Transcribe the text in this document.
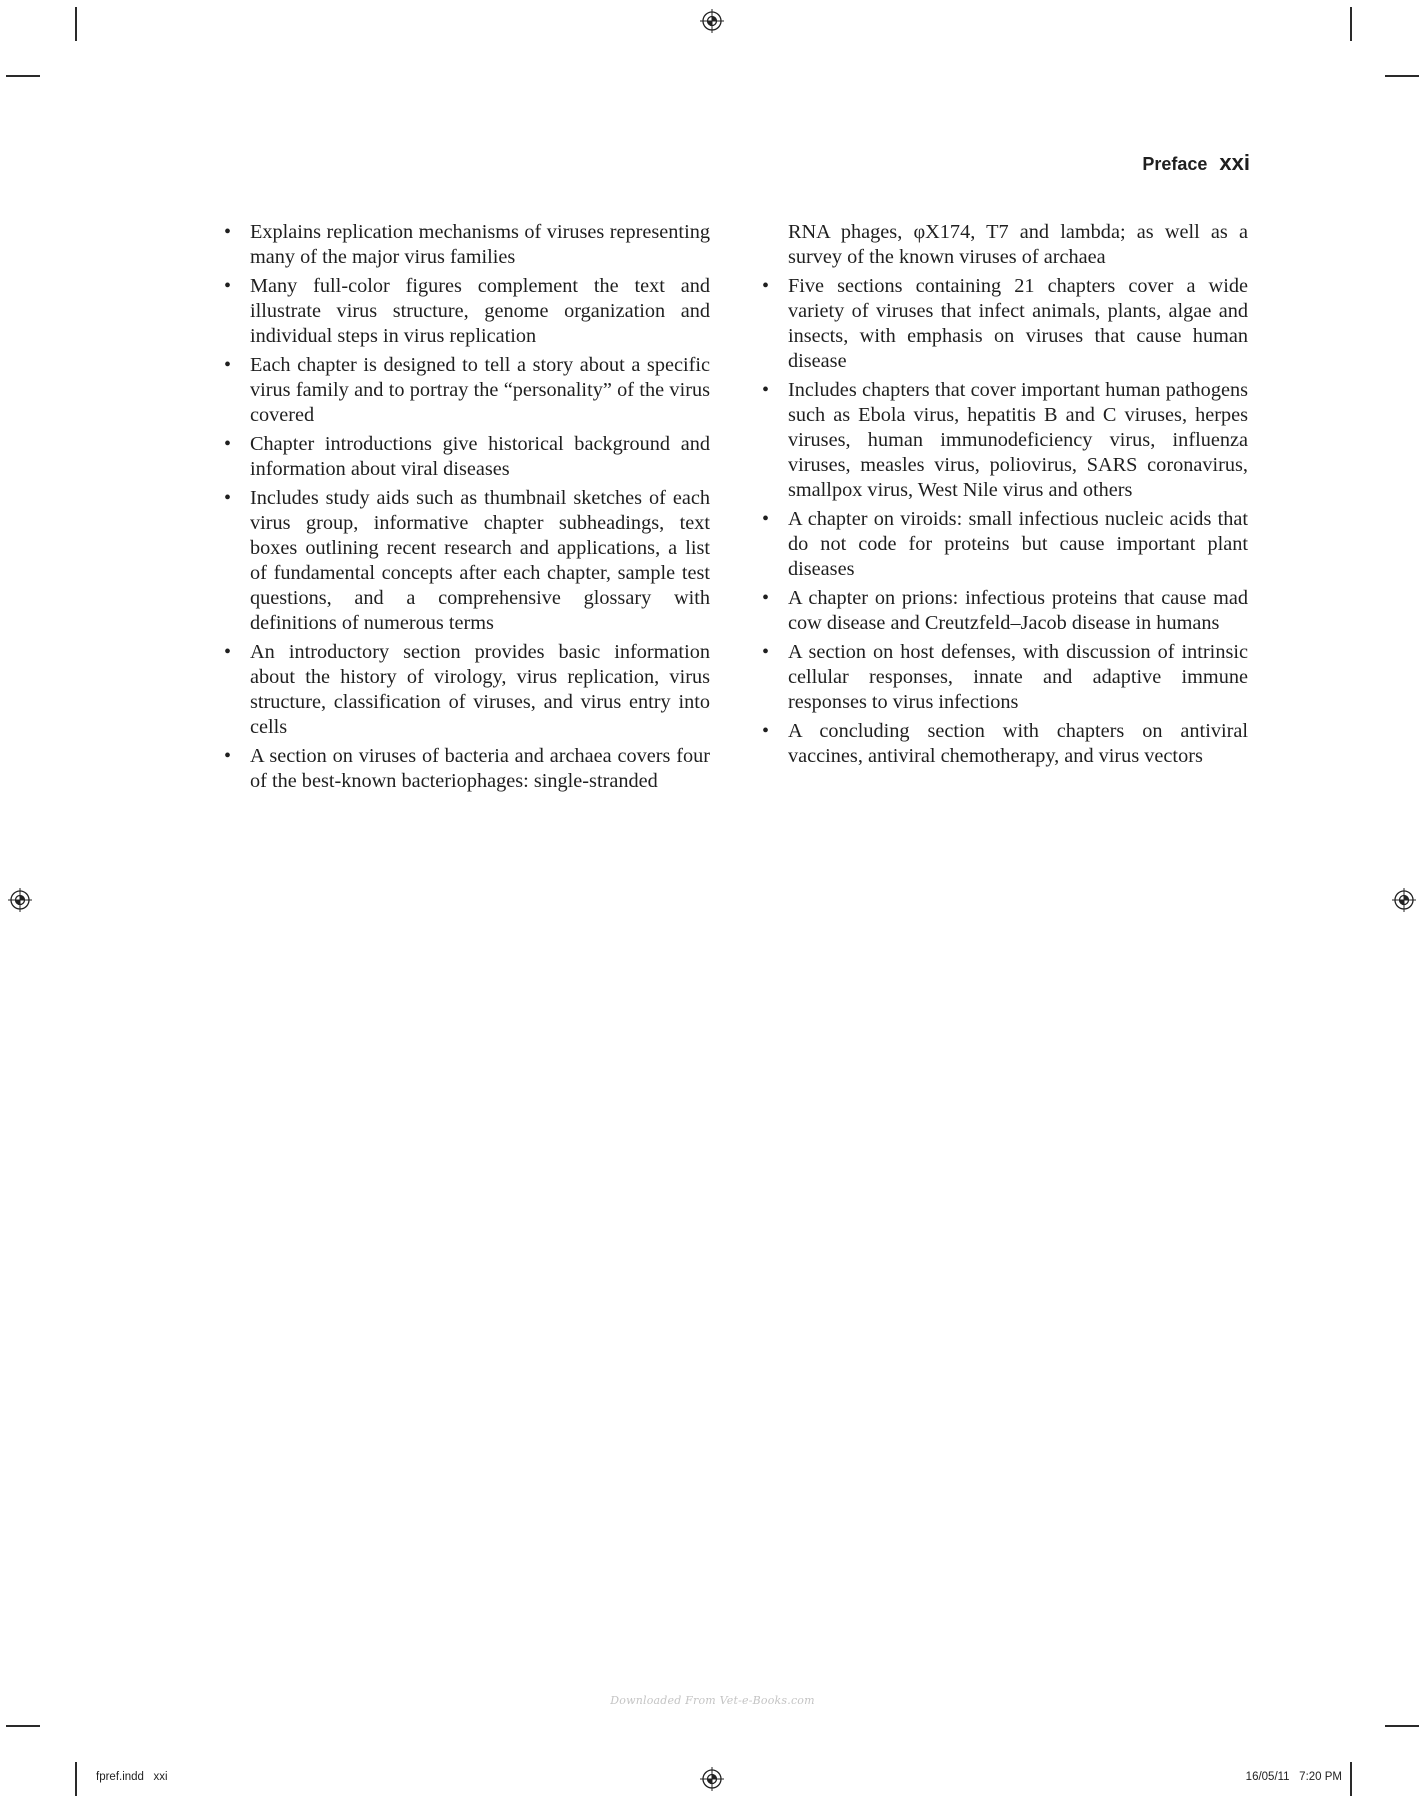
Preface xxi
• Explains replication mechanisms of viruses representing many of the major virus families
• Many full-color figures complement the text and illustrate virus structure, genome organization and individual steps in virus replication
• Each chapter is designed to tell a story about a specific virus family and to portray the “personality” of the virus covered
• Chapter introductions give historical background and information about viral diseases
• Includes study aids such as thumbnail sketches of each virus group, informative chapter subheadings, text boxes outlining recent research and applications, a list of fundamental concepts after each chapter, sample test questions, and a comprehensive glossary with definitions of numerous terms
• An introductory section provides basic information about the history of virology, virus replication, virus structure, classification of viruses, and virus entry into cells
• A section on viruses of bacteria and archaea covers four of the best-known bacteriophages: single-stranded
RNA phages, φX174, T7 and lambda; as well as a survey of the known viruses of archaea
• Five sections containing 21 chapters cover a wide variety of viruses that infect animals, plants, algae and insects, with emphasis on viruses that cause human disease
• Includes chapters that cover important human pathogens such as Ebola virus, hepatitis B and C viruses, herpes viruses, human immunodeficiency virus, influenza viruses, measles virus, poliovirus, SARS coronavirus, smallpox virus, West Nile virus and others
• A chapter on viroids: small infectious nucleic acids that do not code for proteins but cause important plant diseases
• A chapter on prions: infectious proteins that cause mad cow disease and Creutzfeld–Jacob disease in humans
• A section on host defenses, with discussion of intrinsic cellular responses, innate and adaptive immune responses to virus infections
• A concluding section with chapters on antiviral vaccines, antiviral chemotherapy, and virus vectors
Downloaded From Vet-e-Books.com
fpref.indd   xxi	16/05/11   7:20 PM
